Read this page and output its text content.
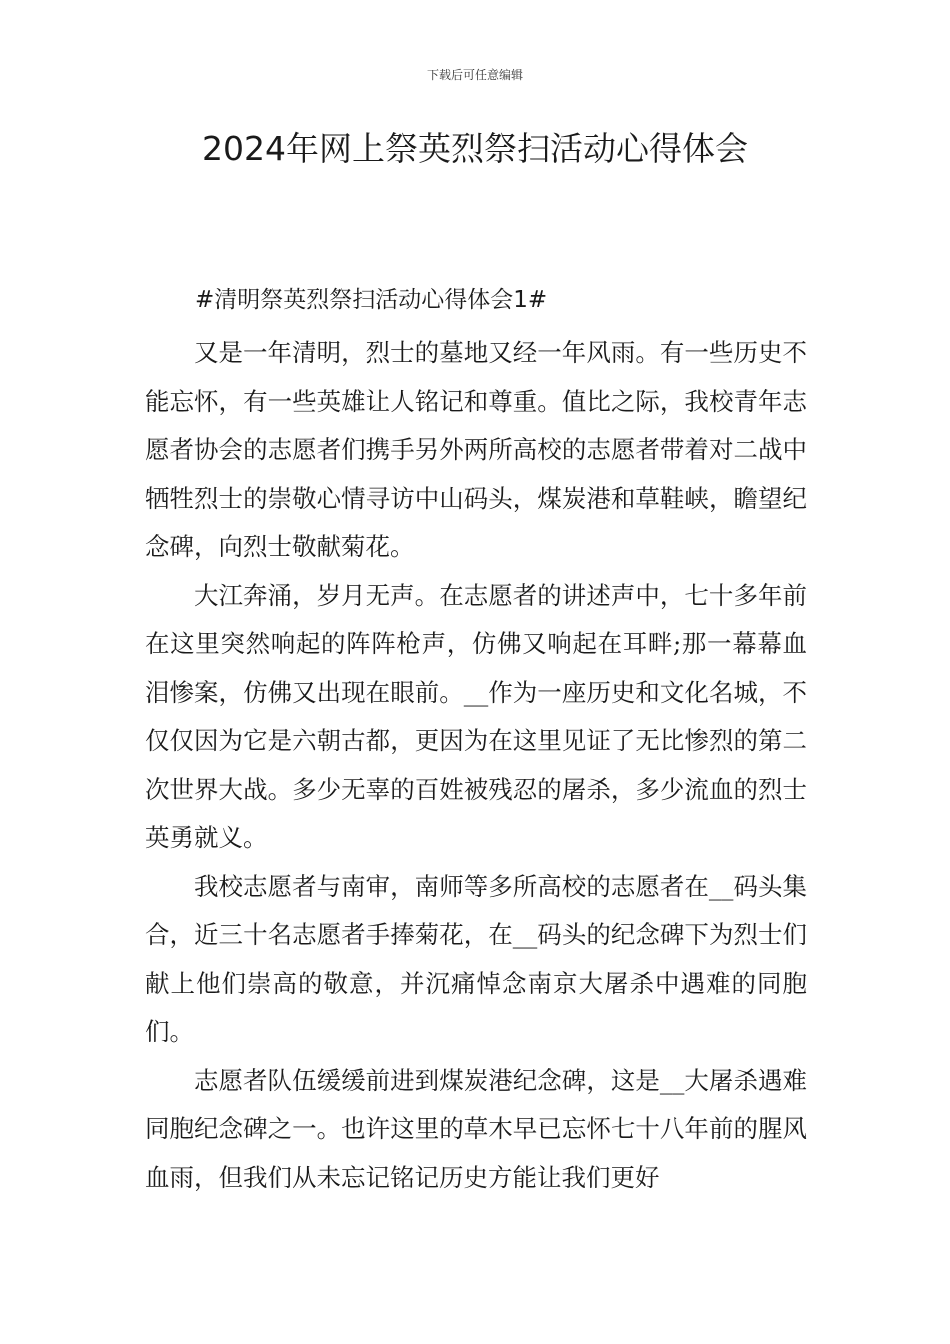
下载后可任意编辑
2024年网上祭英烈祭扫活动心得体会
#清明祭英烈祭扫活动心得体会1#

又是一年清明，烈士的墓地又经一年风雨。有一些历史不能忘怀，有一些英雄让人铭记和尊重。值比之际，我校青年志愿者协会的志愿者们携手另外两所高校的志愿者带着对二战中牺牲烈士的崇敬心情寻访中山码头，煤炭港和草鞋峡，瞻望纪念碑，向烈士敬献菊花。

大江奔涌，岁月无声。在志愿者的讲述声中，七十多年前在这里突然响起的阵阵枪声，仿佛又响起在耳畔;那一幕幕血泪惨案，仿佛又出现在眼前。__作为一座历史和文化名城，不仅仅因为它是六朝古都，更因为在这里见证了无比惨烈的第二次世界大战。多少无辜的百姓被残忍的屠杀，多少流血的烈士英勇就义。

我校志愿者与南审，南师等多所高校的志愿者在__码头集合，近三十名志愿者手捧菊花，在__码头的纪念碑下为烈士们献上他们崇高的敬意，并沉痛悼念南京大屠杀中遇难的同胞们。

志愿者队伍缓缓前进到煤炭港纪念碑，这是__大屠杀遇难同胞纪念碑之一。也许这里的草木早已忘怀七十八年前的腥风血雨，但我们从未忘记铭记历史方能让我们更好
